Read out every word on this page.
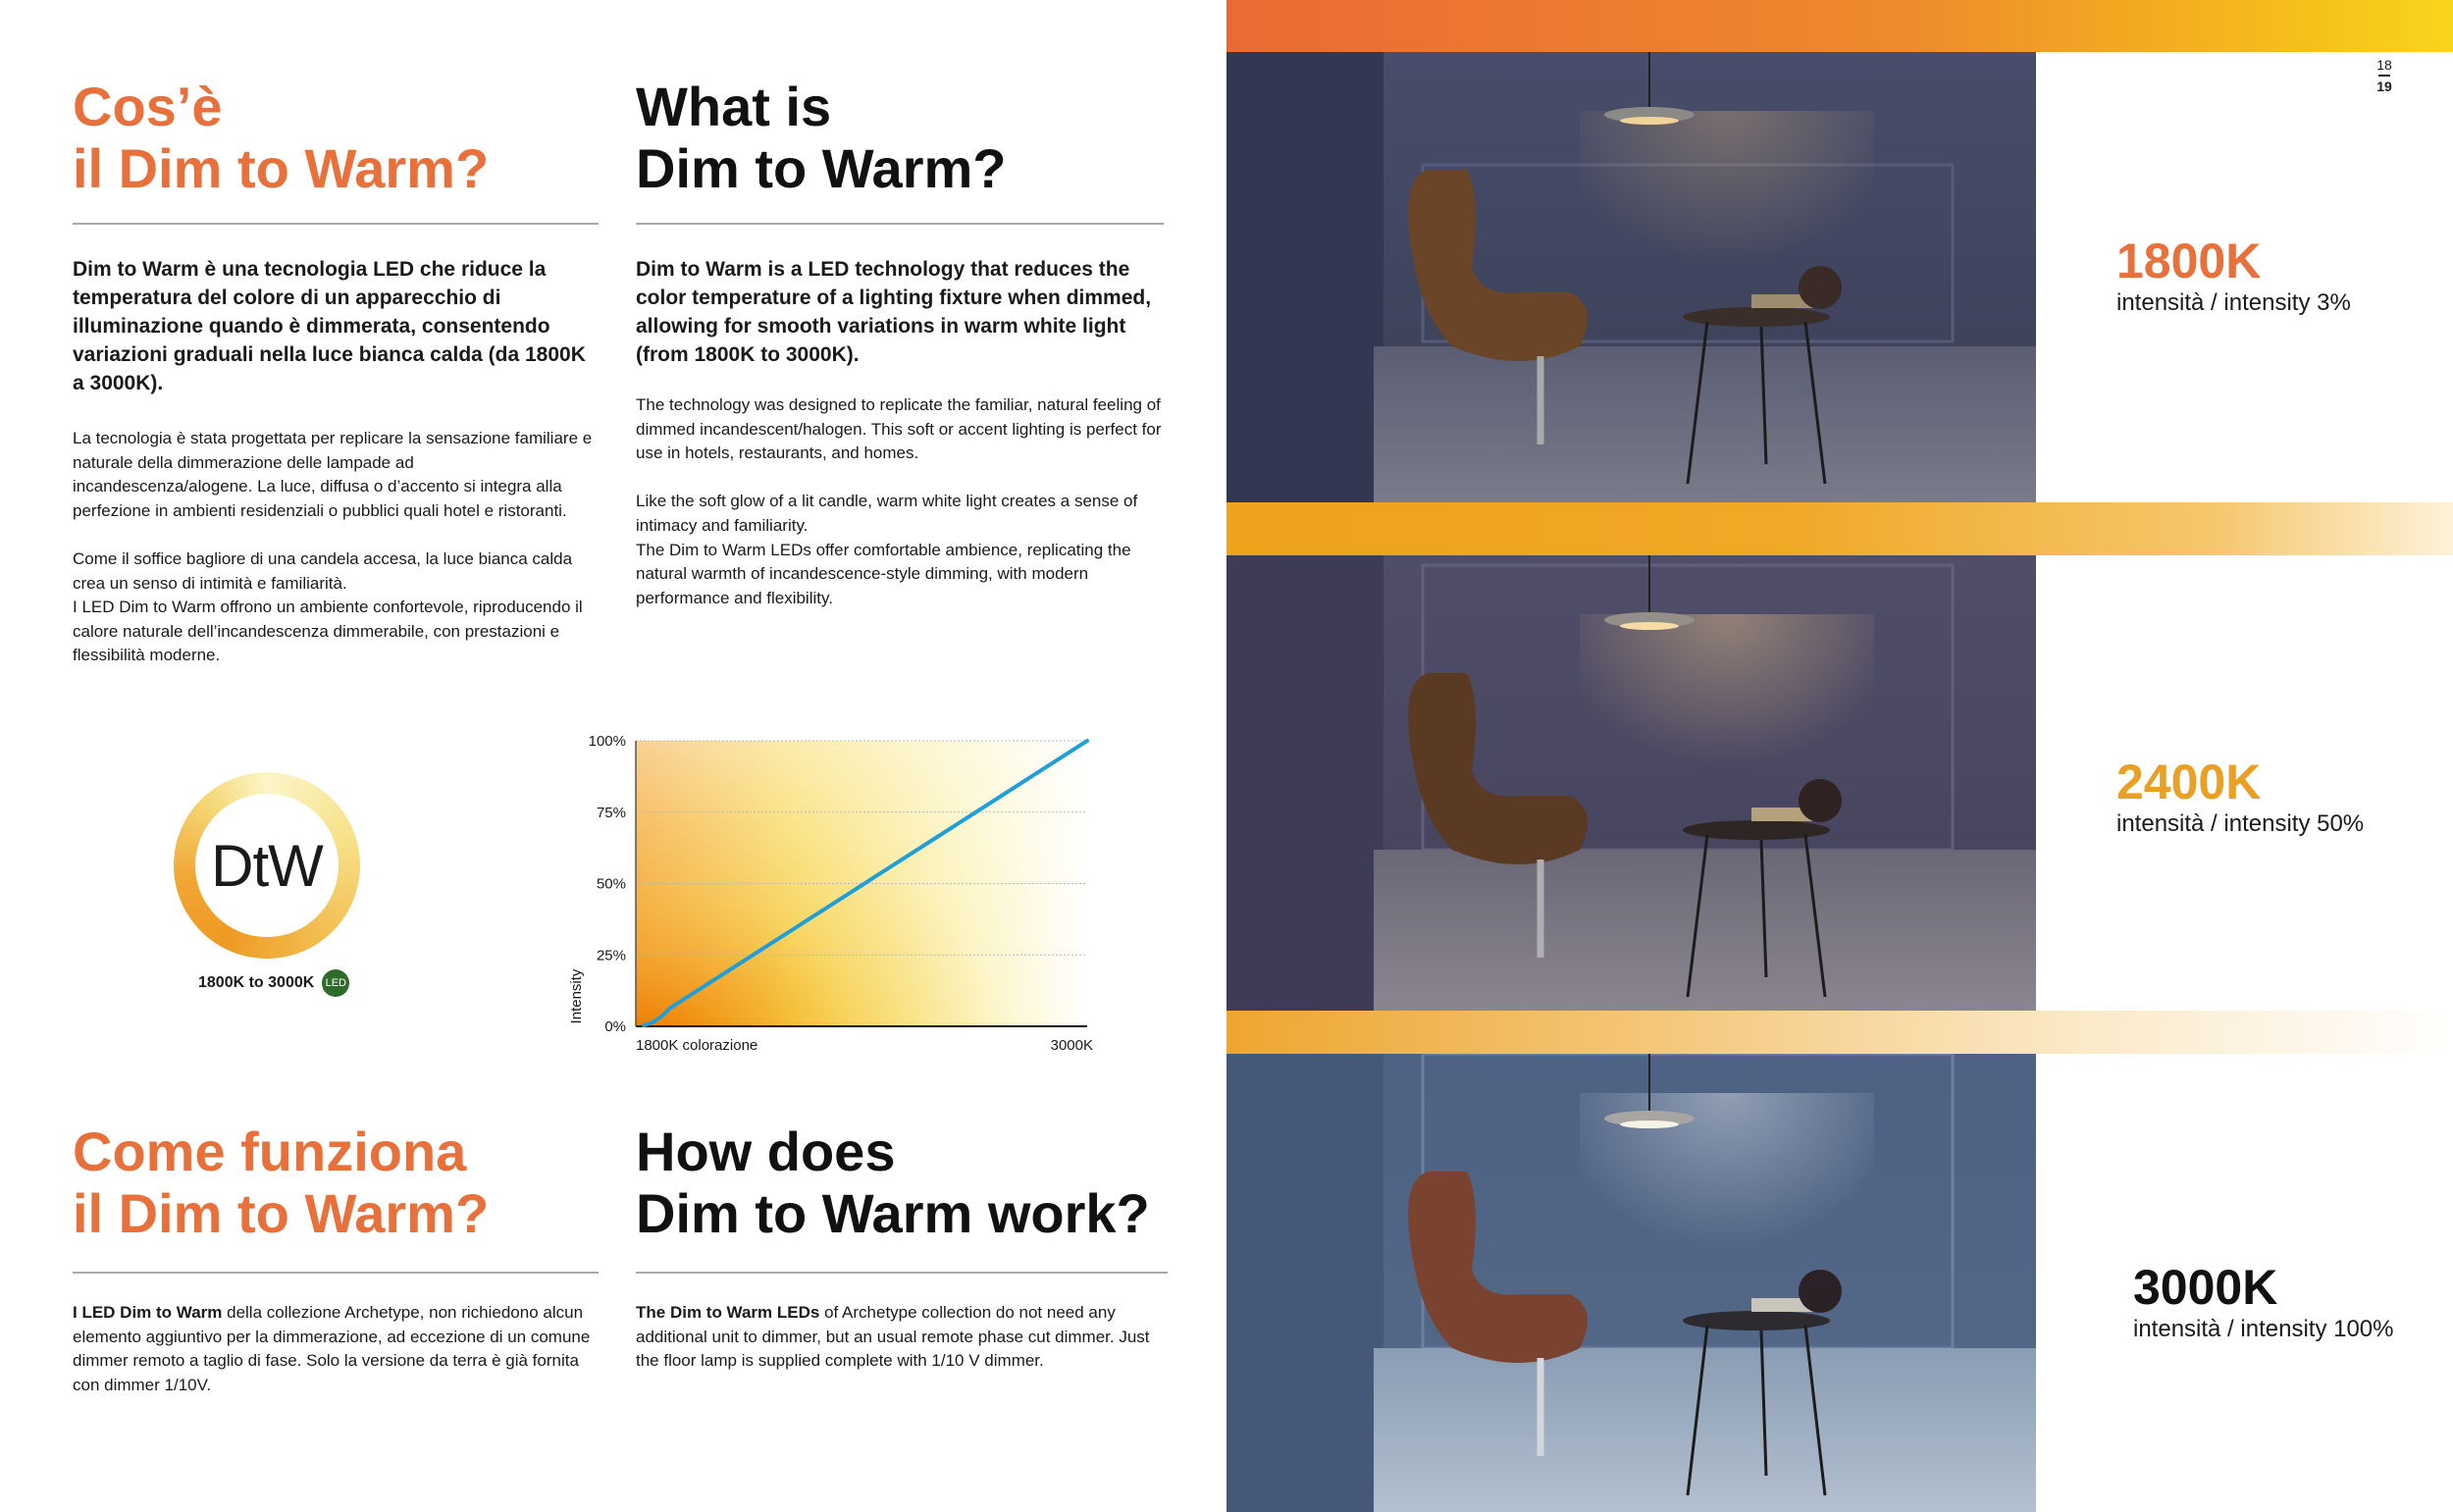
Cos’è
il Dim to Warm?
What is
Dim to Warm?
Dim to Warm è una tecnologia LED che riduce la temperatura del colore di un apparecchio di illuminazione quando è dimmerata, consentendo variazioni graduali nella luce bianca calda (da 1800K a 3000K).
Dim to Warm is a LED technology that reduces the color temperature of a lighting fixture when dimmed, allowing for smooth variations in warm white light (from 1800K to 3000K).

La tecnologia è stata progettata per replicare la sensazione familiare e naturale della dimmerazione delle lampade ad incandescenza/alogene. La luce, diffusa o d’accento si integra alla perfezione in ambienti residenziali o pubblici quali hotel e ristoranti.

Come il soffice bagliore di una candela accesa, la luce bianca calda crea un senso di intimità e familiarità.
I LED Dim to Warm offrono un ambiente confortevole, riproducendo il calore naturale dell’incandescenza dimmerabile, con prestazioni e flessibilità moderne.

The technology was designed to replicate the familiar, natural feeling of dimmed incandescent/halogen. This soft or accent lighting is perfect for use in hotels, restaurants, and homes.

Like the soft glow of a lit candle, warm white light creates a sense of intimacy and familiarity.
The Dim to Warm LEDs offer comfortable ambience, replicating the natural warmth of incandescence-style dimming, with modern performance and flexibility.

DtW
1800K to 3000K LED
0%
25%
50%
75%
100%
1800K colorazione	3000K
Intensity
Come funziona
il Dim to Warm?
How does
Dim to Warm work?
I LED Dim to Warm della collezione Archetype, non richiedono alcun elemento aggiuntivo per la dimmerazione, ad eccezione di un comune dimmer remoto a taglio di fase. Solo la versione da terra è già fornita con dimmer 1/10V.
The Dim to Warm LEDs of Archetype collection do not need any additional unit to dimmer, but an usual remote phase cut dimmer. Just the floor lamp is supplied complete with 1/10 V dimmer.
18
19
1800K
intensità / intensity 3%
2400K
intensità / intensity 50%
3000K
intensità / intensity 100%
